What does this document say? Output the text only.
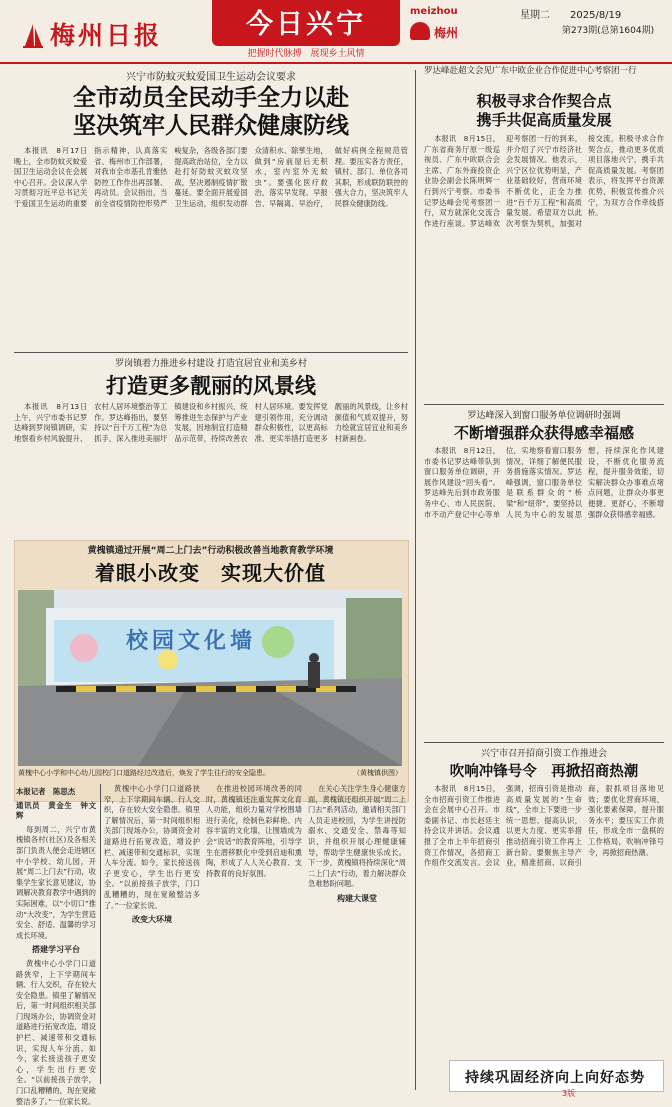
梅州日报	今日兴宁
把握时代脉搏　展现乡土风情
meizhou
梅州
星期二　　 2025/8/19
第273期(总第1604期)
兴宁市防蚊灭蚊爱国卫生运动会议要求
全市动员全民动手全力以赴
坚决筑牢人民群众健康防线

本报讯　8月17日晚上，全市防蚊灭蚊爱国卫生运动会议在会展中心召开。会议深入学习贯彻习近平总书记关于爱国卫生运动的重要指示精神，认真落实省、梅州市工作部署，对我市全市基孔肯雅热防控工作作出再部署、再动员。会议指出，当前全省疫情防控形势严峻复杂，各级各部门要提高政治站位，全力以赴打好防蚊灭蚊攻坚战，坚决遏制疫情扩散蔓延。要全面开展爱国卫生运动，组织发动群众清积水、除孳生地，做到“房前屋后无积水，室内室外无蚊虫”。要强化医疗救治，落实早发现、早报告、早隔离、早治疗，做好病例全程规范管理。要压实各方责任，镇村、部门、单位各司其职，形成联防联控的强大合力，坚决筑牢人民群众健康防线。

罗岗镇着力推进乡村建设 打造宜居宜业和美乡村
打造更多靓丽的风景线

本报讯　8月13日上午，兴宁市委书记罗达峰到罗岗镇调研，实地察看乡村风貌提升、农村人居环境整治等工作。罗达峰指出，要坚持以“百千万工程”为总抓手，深入推进美丽圩镇建设和乡村振兴，统筹推进生态保护与产业发展，因地制宜打造精品示范带，持续改善农村人居环境。要发挥党建引领作用，充分调动群众积极性，以更高标准、更实举措打造更多靓丽的风景线，让乡村颜值和气质双提升，努力绘就宜居宜业和美乡村新画卷。

黄槐镇通过开展“周二上门去”行动积极改善当地教育教学环境
着眼小改变　实现大价值
校园文化墙
黄槐中心小学和中心幼儿园校门口道路经过改造后，焕发了学生往行的安全隐患。	（黄槐镇供图）
本报记者　陈思杰
通讯员　黄金生　钟文辉

每到周二，兴宁市黄槐镇各村(社区)及各相关部门负责人便会走进辖区中小学校、幼儿园，开展“周二上门去”行动，收集学生家长意见建议，协调解决教育教学中遇到的实际困难，以“小切口”推动“大改变”，为学生营造安全、舒适、温馨的学习成长环境。

搭建学习平台

黄槐中心小学门口道路狭窄，上下学期间车辆、行人交织，存在较大安全隐患。镇里了解情况后，第一时间组织相关部门现场办公，协调资金对道路进行拓宽改造，增设护栏、减速带和交通标识，实现人车分流。如今，家长接送孩子更安心，学生出行更安全。“以前接孩子放学，门口乱糟糟的，现在宽敞整洁多了。”一位家长说。

黄槐中心小学门口道路狭窄，上下学期间车辆、行人交织，存在较大安全隐患。镇里了解情况后，第一时间组织相关部门现场办公，协调资金对道路进行拓宽改造，增设护栏、减速带和交通标识，实现人车分流。如今，家长接送孩子更安心，学生出行更安全。“以前接孩子放学，门口乱糟糟的，现在宽敞整洁多了。”一位家长说。

改变大环境

在推进校园环境改善的同时，黄槐镇还注重发挥文化育人功能，组织力量对学校围墙进行美化，绘制色彩鲜艳、内容丰富的文化墙，让围墙成为会“说话”的教育阵地，引导学生在潜移默化中受到启迪和熏陶，形成了人人关心教育、支持教育的良好氛围。

在关心关注学生身心健康方面，黄槐镇还组织开展“周二上门去”系列活动，邀请相关部门人员走进校园，为学生讲授防溺水、交通安全、禁毒等知识，并组织开展心理健康辅导，帮助学生健康快乐成长。下一步，黄槐镇将持续深化“周二上门去”行动，着力解决群众急难愁盼问题。

构建大课堂
罗达峰赴超文会见广东中欧企业合作促进中心考察团一行
积极寻求合作契合点
携手共促高质量发展

本报讯　8月15日，广东省商务厅原一级巡视员、广东中欧联合会主席、广东外商投资企业协会副会长陈明辉一行到兴宁考察。市委书记罗达峰会见考察团一行，双方就深化交流合作进行座谈。罗达峰欢迎考察团一行的到来，并介绍了兴宁市经济社会发展情况。他表示，兴宁区位优势明显，产业基础较好，营商环境不断优化，正全力推进“百千万工程”和高质量发展。希望双方以此次考察为契机，加强对接交流，积极寻求合作契合点，推动更多优质项目落地兴宁，携手共促高质量发展。考察团表示，将发挥平台资源优势，积极宣传推介兴宁，为双方合作牵线搭桥。

罗达峰深入到窗口服务单位调研时强调
不断增强群众获得感幸福感

本报讯　8月12日，市委书记罗达峰带队到窗口服务单位调研，开展作风建设“回头看”。罗达峰先后到市政务服务中心、市人民医院、市不动产登记中心等单位，实地察看窗口服务情况，详细了解便民服务措施落实情况。罗达峰强调，窗口服务单位是联系群众的“桥梁”和“纽带”，要坚持以人民为中心的发展思想，持续深化作风建设，不断优化服务流程，提升服务效能，切实解决群众办事难点堵点问题，让群众办事更便捷、更舒心，不断增强群众获得感幸福感。

兴宁市召开招商引资工作推进会
吹响冲锋号令　再掀招商热潮

本报讯　8月15日，全市招商引资工作推进会在会展中心召开。市委副书记、市长赵廷主持会议并讲话。会议通报了全市上半年招商引资工作情况，各招商工作组作交流发言。会议强调，招商引资是推动高质量发展的“生命线”，全市上下要进一步统一思想、提高认识，以更大力度、更实举措推动招商引资工作再上新台阶。要聚焦主导产业，精准招商、以商引商，狠抓项目落地见效；要优化营商环境，强化要素保障，提升服务水平；要压实工作责任，形成全市一盘棋的工作格局，吹响冲锋号令，再掀招商热潮。

持续巩固经济向上向好态势
3版
